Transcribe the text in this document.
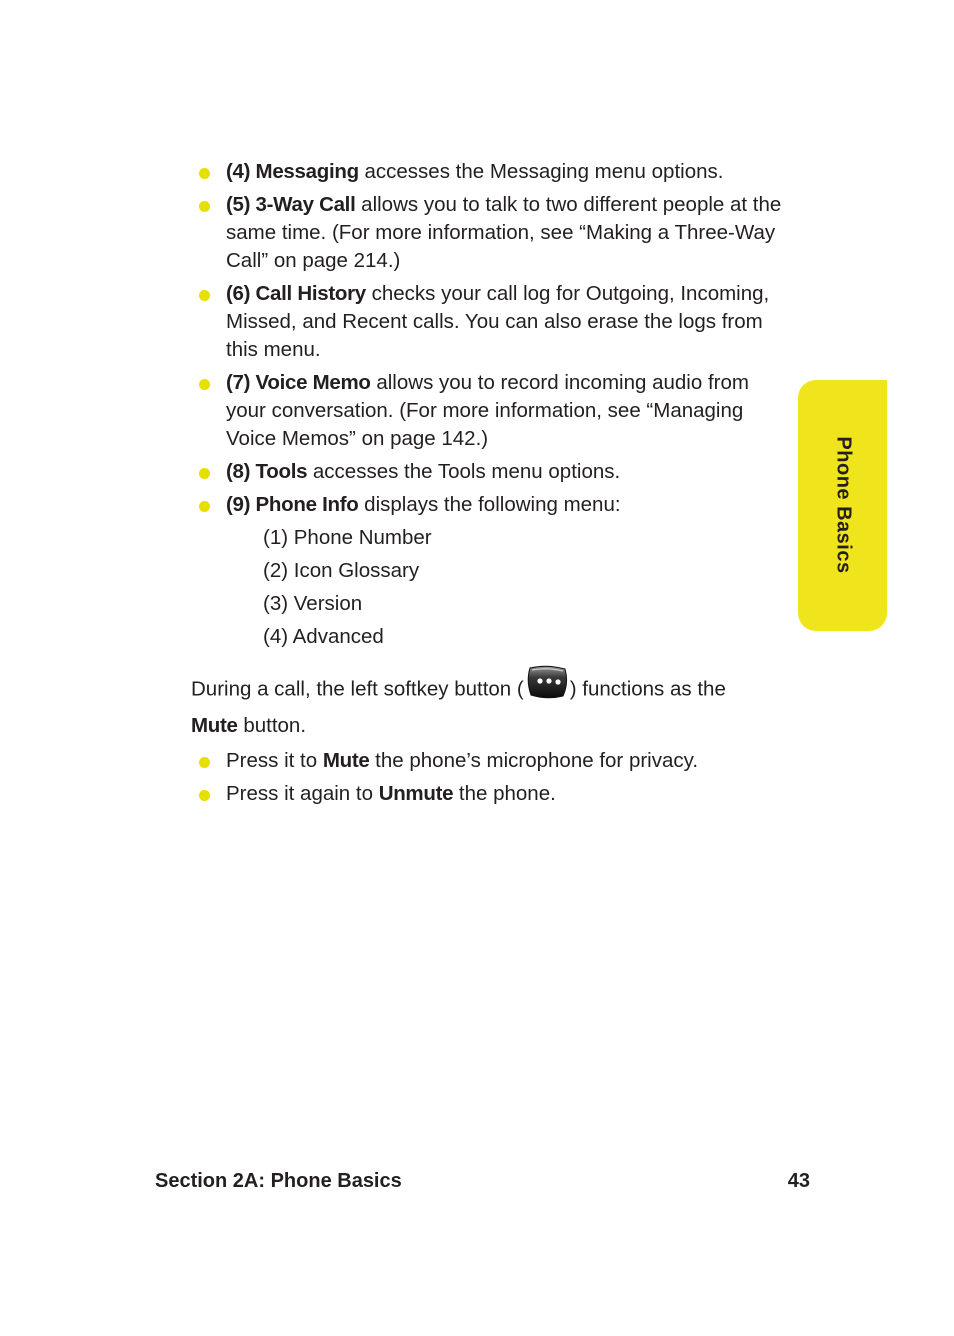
(4) Messaging accesses the Messaging menu options.
(5) 3-Way Call allows you to talk to two different people at the same time. (For more information, see “Making a Three-Way Call” on page 214.)
(6) Call History checks your call log for Outgoing, Incoming, Missed, and Recent calls. You can also erase the logs from this menu.
(7) Voice Memo allows you to record incoming audio from your conversation. (For more information, see “Managing Voice Memos” on page 142.)
(8) Tools accesses the Tools menu options.
(9) Phone Info displays the following menu:
(1) Phone Number
(2) Icon Glossary
(3) Version
(4) Advanced
During a call, the left softkey button ( ) functions as the
Mute button.
Press it to Mute the phone’s microphone for privacy.
Press it again to Unmute the phone.
Phone Basics
Section 2A: Phone Basics	43
